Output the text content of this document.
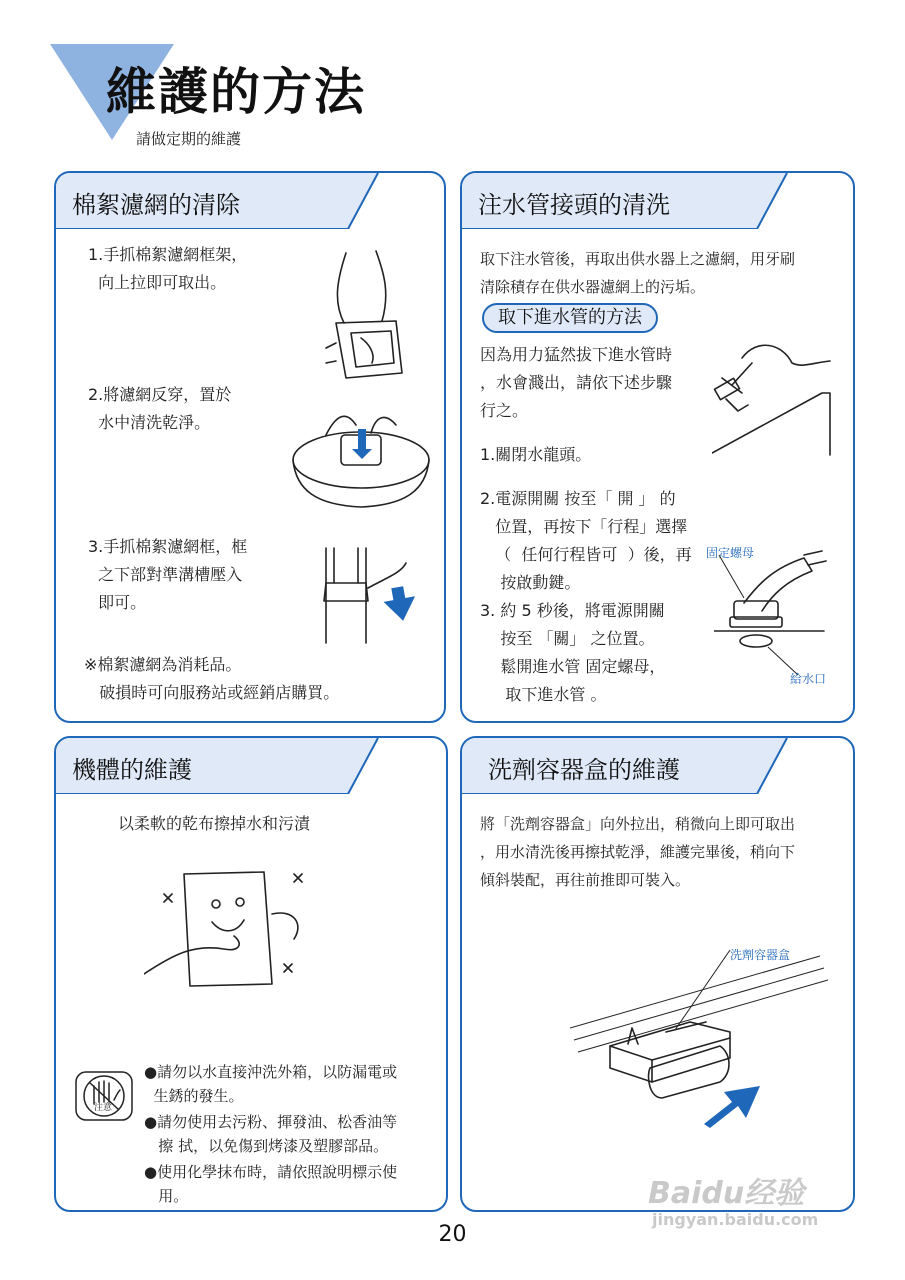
維護的方法
請做定期的維護
棉絮濾網的清除
1.手抓棉絮濾網框架，
向上拉即可取出。
2.將濾網反穿，置於
水中清洗乾淨。
3.手抓棉絮濾網框，框
之下部對準溝槽壓入
即可。
※棉絮濾網為消耗品。
破損時可向服務站或經銷店購買。
注水管接頭的清洗
取下注水管後，再取出供水器上之濾網，用牙刷
清除積存在供水器濾網上的污垢。
取下進水管的方法
因為用力猛然拔下進水管時
，水會濺出，請依下述步驟
行之。
1.關閉水龍頭。
2.電源開關 按至「 開 」 的
位置，再按下「行程」選擇
（  任何行程皆可  ）後，再
按啟動鍵。
3. 約 5 秒後，將電源開關
按至 「關」 之位置。
鬆開進水管 固定螺母，
取下進水管 。
固定螺母
給水口
機體的維護
以柔軟的乾布擦掉水和污漬
注意
●請勿以水直接沖洗外箱，以防漏電或
生銹的發生。
●請勿使用去污粉、揮發油、松香油等
擦 拭，以免傷到烤漆及塑膠部品。
●使用化學抹布時，請依照說明標示使
用。
洗劑容器盒的維護
將「洗劑容器盒」向外拉出，稍微向上即可取出
，用水清洗後再擦拭乾淨，維護完畢後，稍向下
傾斜裝配，再往前推即可裝入。
洗劑容器盒
20
Baidu经验
jingyan.baidu.com
